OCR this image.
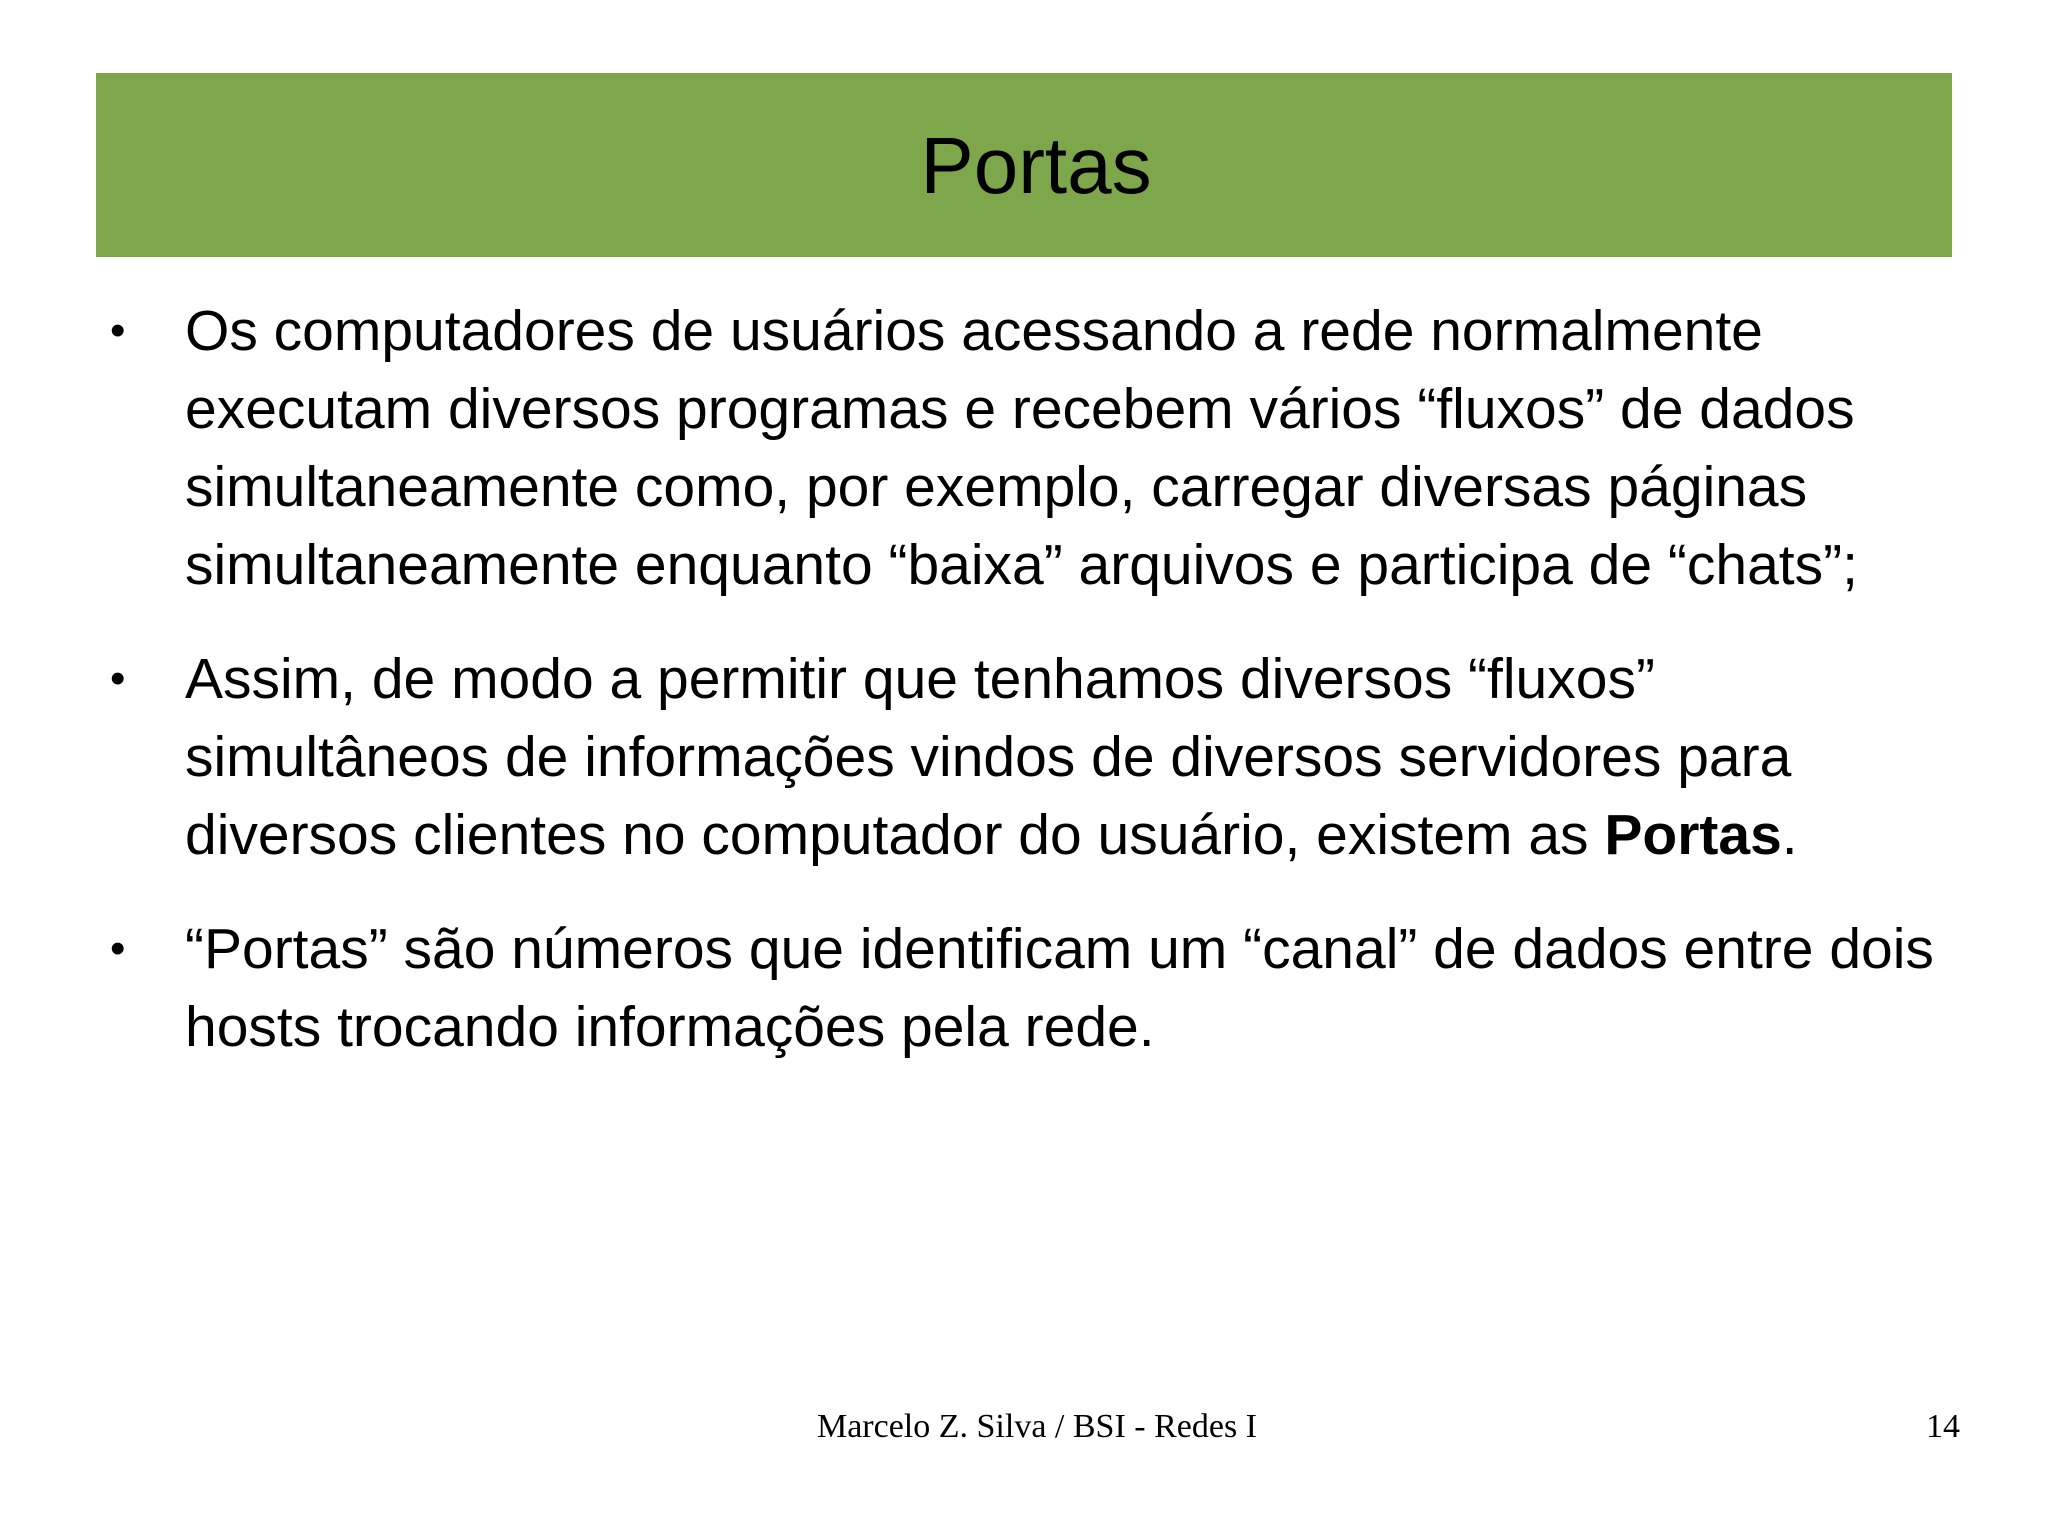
Portas
•	Os computadores de usuários acessando a rede normalmente executam diversos programas e recebem vários “fluxos” de dados simultaneamente como, por exemplo, carregar diversas páginas simultaneamente enquanto “baixa” arquivos e participa de “chats”;
•	Assim, de modo a permitir que tenhamos diversos “fluxos” simultâneos de informações vindos de diversos servidores para diversos clientes no computador do usuário, existem as Portas.
•	“Portas” são números que identificam um “canal” de dados entre dois hosts trocando informações pela rede.
Marcelo Z. Silva / BSI - Redes I	14
